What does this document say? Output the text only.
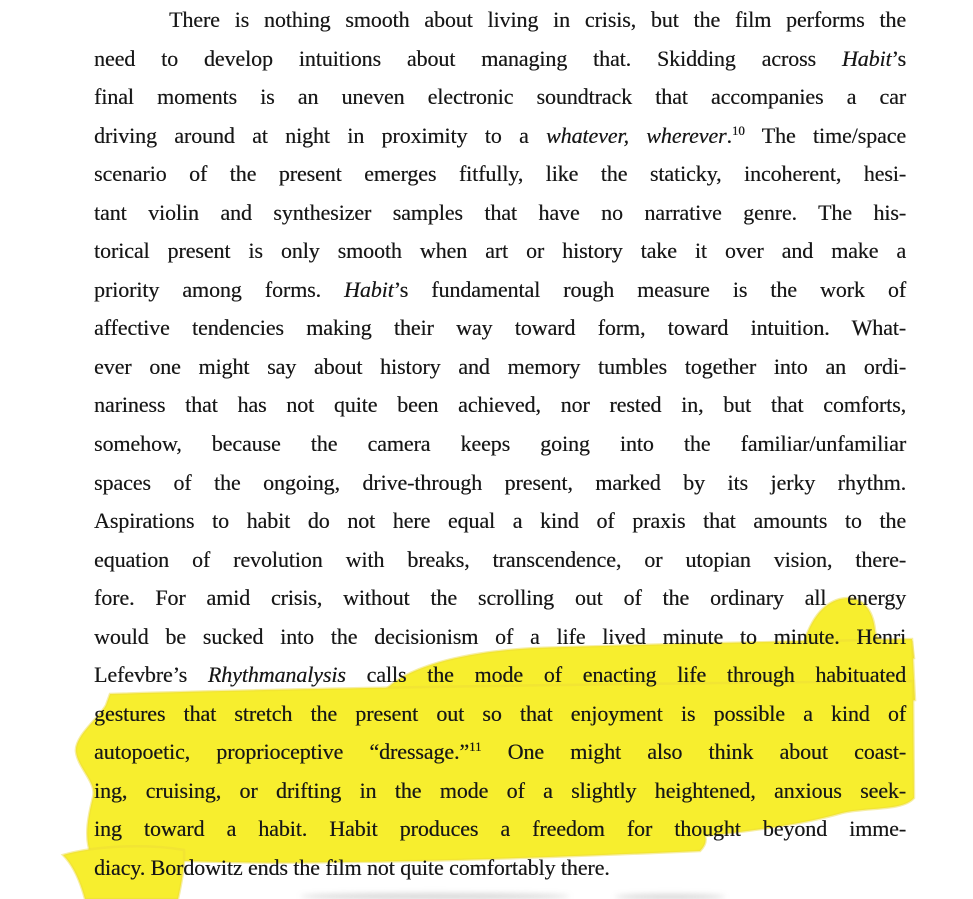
There is nothing smooth about living in crisis, but the film performs the
need to develop intuitions about managing that. Skidding across Habit’s
final moments is an uneven electronic soundtrack that accompanies a car
driving around at night in proximity to a whatever, wherever.$^{10}$ The time/space
scenario of the present emerges fitfully, like the staticky, incoherent, hesi-
tant violin and synthesizer samples that have no narrative genre. The his-
torical present is only smooth when art or history take it over and make a
priority among forms. Habit’s fundamental rough measure is the work of
affective tendencies making their way toward form, toward intuition. What-
ever one might say about history and memory tumbles together into an ordi-
nariness that has not quite been achieved, nor rested in, but that comforts,
somehow, because the camera keeps going into the familiar/unfamiliar
spaces of the ongoing, drive-through present, marked by its jerky rhythm.
Aspirations to habit do not here equal a kind of praxis that amounts to the
equation of revolution with breaks, transcendence, or utopian vision, there-
fore. For amid crisis, without the scrolling out of the ordinary all energy
would be sucked into the decisionism of a life lived minute to minute. Henri
Lefevbre’s Rhythmanalysis calls the mode of enacting life through habituated
gestures that stretch the present out so that enjoyment is possible a kind of
autopoetic, proprioceptive “dressage.”$^{11}$ One might also think about coast-
ing, cruising, or drifting in the mode of a slightly heightened, anxious seek-
ing toward a habit. Habit produces a freedom for thought beyond imme-
diacy. Bordowitz ends the film not quite comfortably there.
